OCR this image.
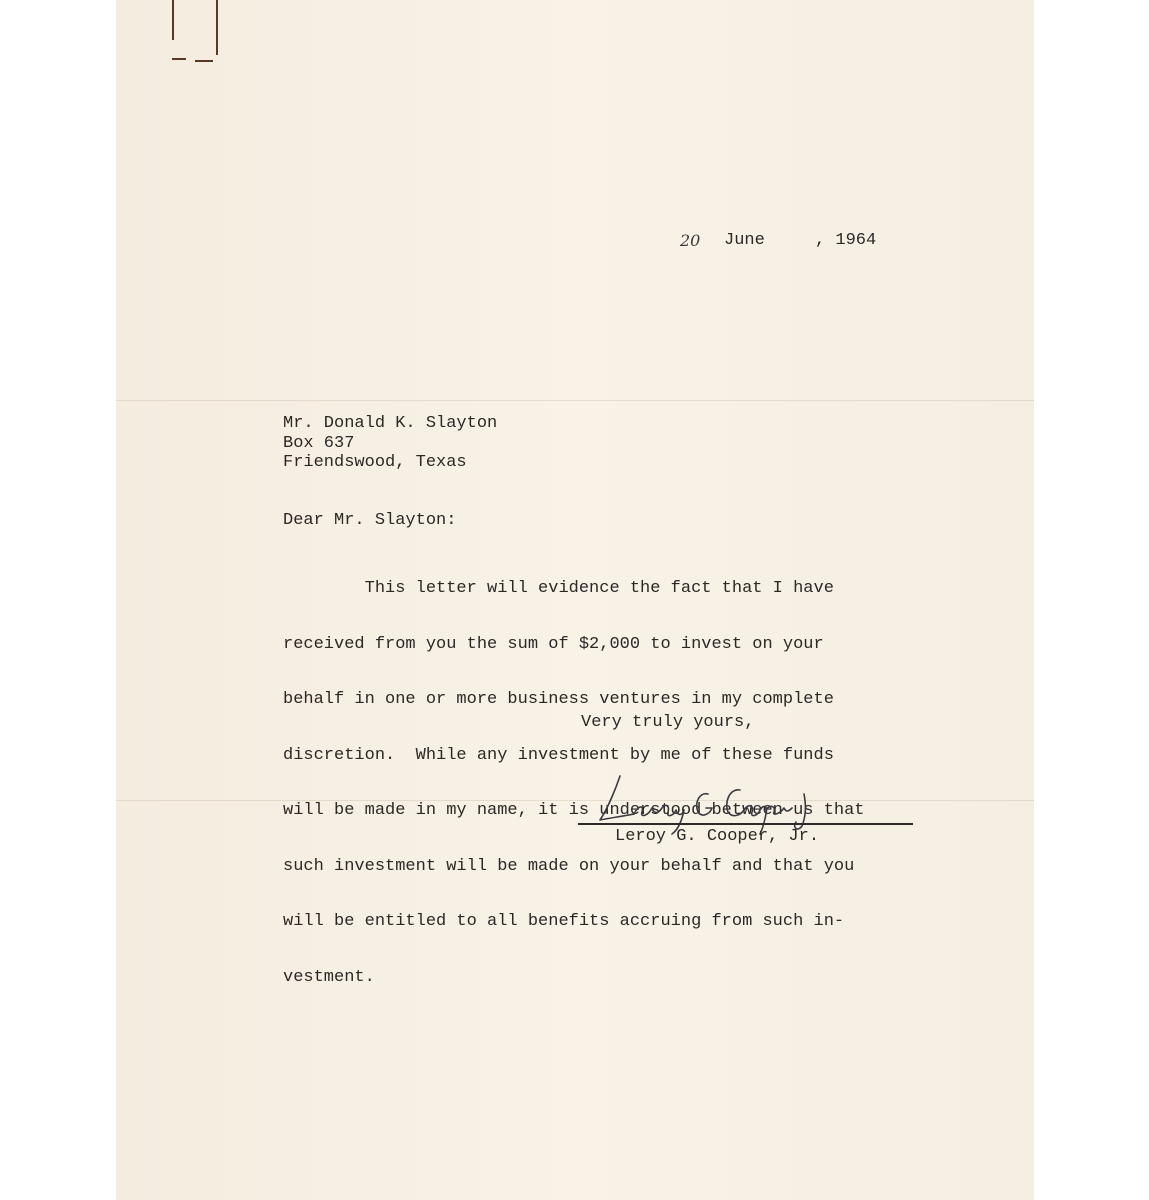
20 June	, 1964
Mr. Donald K. Slayton
Box 637
Friendswood, Texas
Dear Mr. Slayton:

This letter will evidence the fact that I have

received from you the sum of $2,000 to invest on your

behalf in one or more business ventures in my complete

discretion.  While any investment by me of these funds

will be made in my name, it is understood between us that

such investment will be made on your behalf and that you

will be entitled to all benefits accruing from such in-

vestment.

Very truly yours,
Leroy G. Cooper, Jr.
